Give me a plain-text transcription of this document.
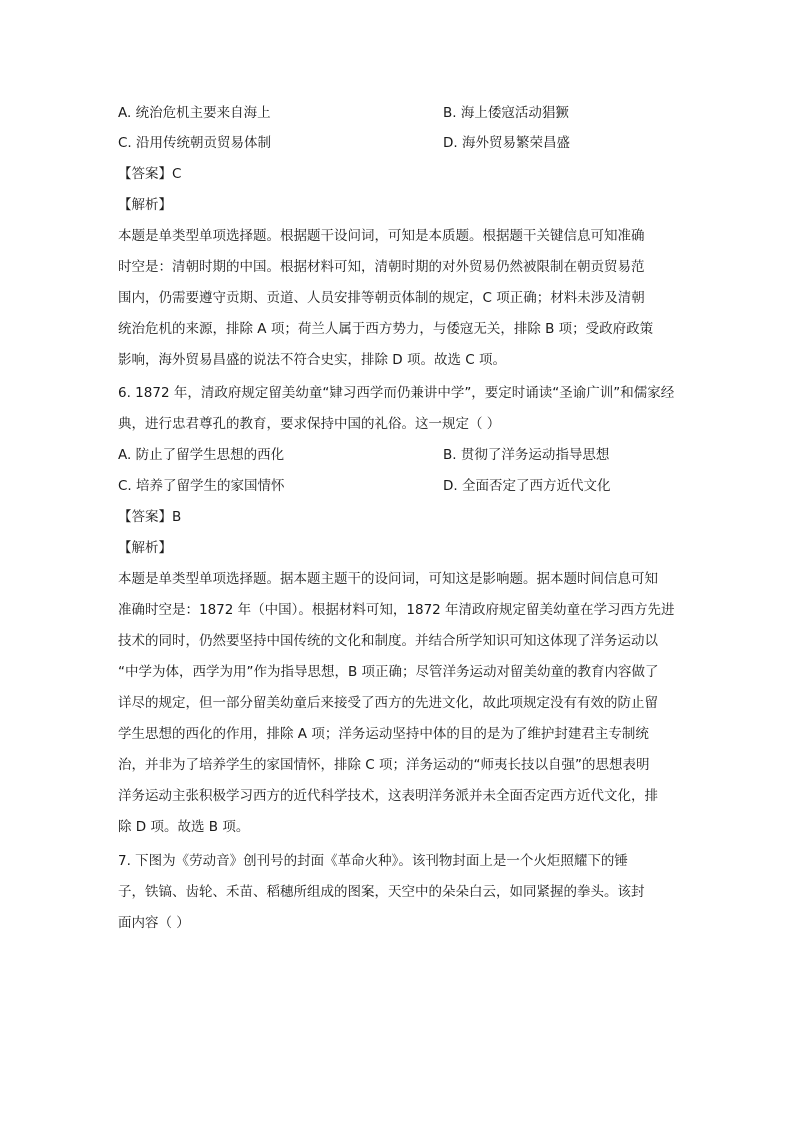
A. 统治危机主要来自海上	B. 海上倭寇活动猖獗
C. 沿用传统朝贡贸易体制	D. 海外贸易繁荣昌盛
【答案】C
【解析】
本题是单类型单项选择题。根据题干设问词，可知是本质题。根据题干关键信息可知准确
时空是：清朝时期的中国。根据材料可知，清朝时期的对外贸易仍然被限制在朝贡贸易范
围内，仍需要遵守贡期、贡道、人员安排等朝贡体制的规定，C 项正确；材料未涉及清朝
统治危机的来源，排除 A 项；荷兰人属于西方势力，与倭寇无关，排除 B 项；受政府政策
影响，海外贸易昌盛的说法不符合史实，排除 D 项。故选 C 项。
6. 1872 年，清政府规定留美幼童“肄习西学而仍兼讲中学”，要定时诵读“圣谕广训”和儒家经
典，进行忠君尊孔的教育，要求保持中国的礼俗。这一规定（ ）
A. 防止了留学生思想的西化	B. 贯彻了洋务运动指导思想
C. 培养了留学生的家国情怀	D. 全面否定了西方近代文化
【答案】B
【解析】
本题是单类型单项选择题。据本题主题干的设问词，可知这是影响题。据本题时间信息可知
准确时空是：1872 年（中国）。根据材料可知，1872 年清政府规定留美幼童在学习西方先进
技术的同时，仍然要坚持中国传统的文化和制度。并结合所学知识可知这体现了洋务运动以
“中学为体，西学为用”作为指导思想，B 项正确；尽管洋务运动对留美幼童的教育内容做了
详尽的规定，但一部分留美幼童后来接受了西方的先进文化，故此项规定没有有效的防止留
学生思想的西化的作用，排除 A 项；洋务运动坚持中体的目的是为了维护封建君主专制统
治，并非为了培养学生的家国情怀，排除 C 项；洋务运动的“师夷长技以自强”的思想表明
洋务运动主张积极学习西方的近代科学技术，这表明洋务派并未全面否定西方近代文化，排
除 D 项。故选 B 项。
7. 下图为《劳动音》创刊号的封面《革命火种》。该刊物封面上是一个火炬照耀下的锤
子，铁镐、齿轮、禾苗、稻穗所组成的图案，天空中的朵朵白云，如同紧握的拳头。该封
面内容（ ）
